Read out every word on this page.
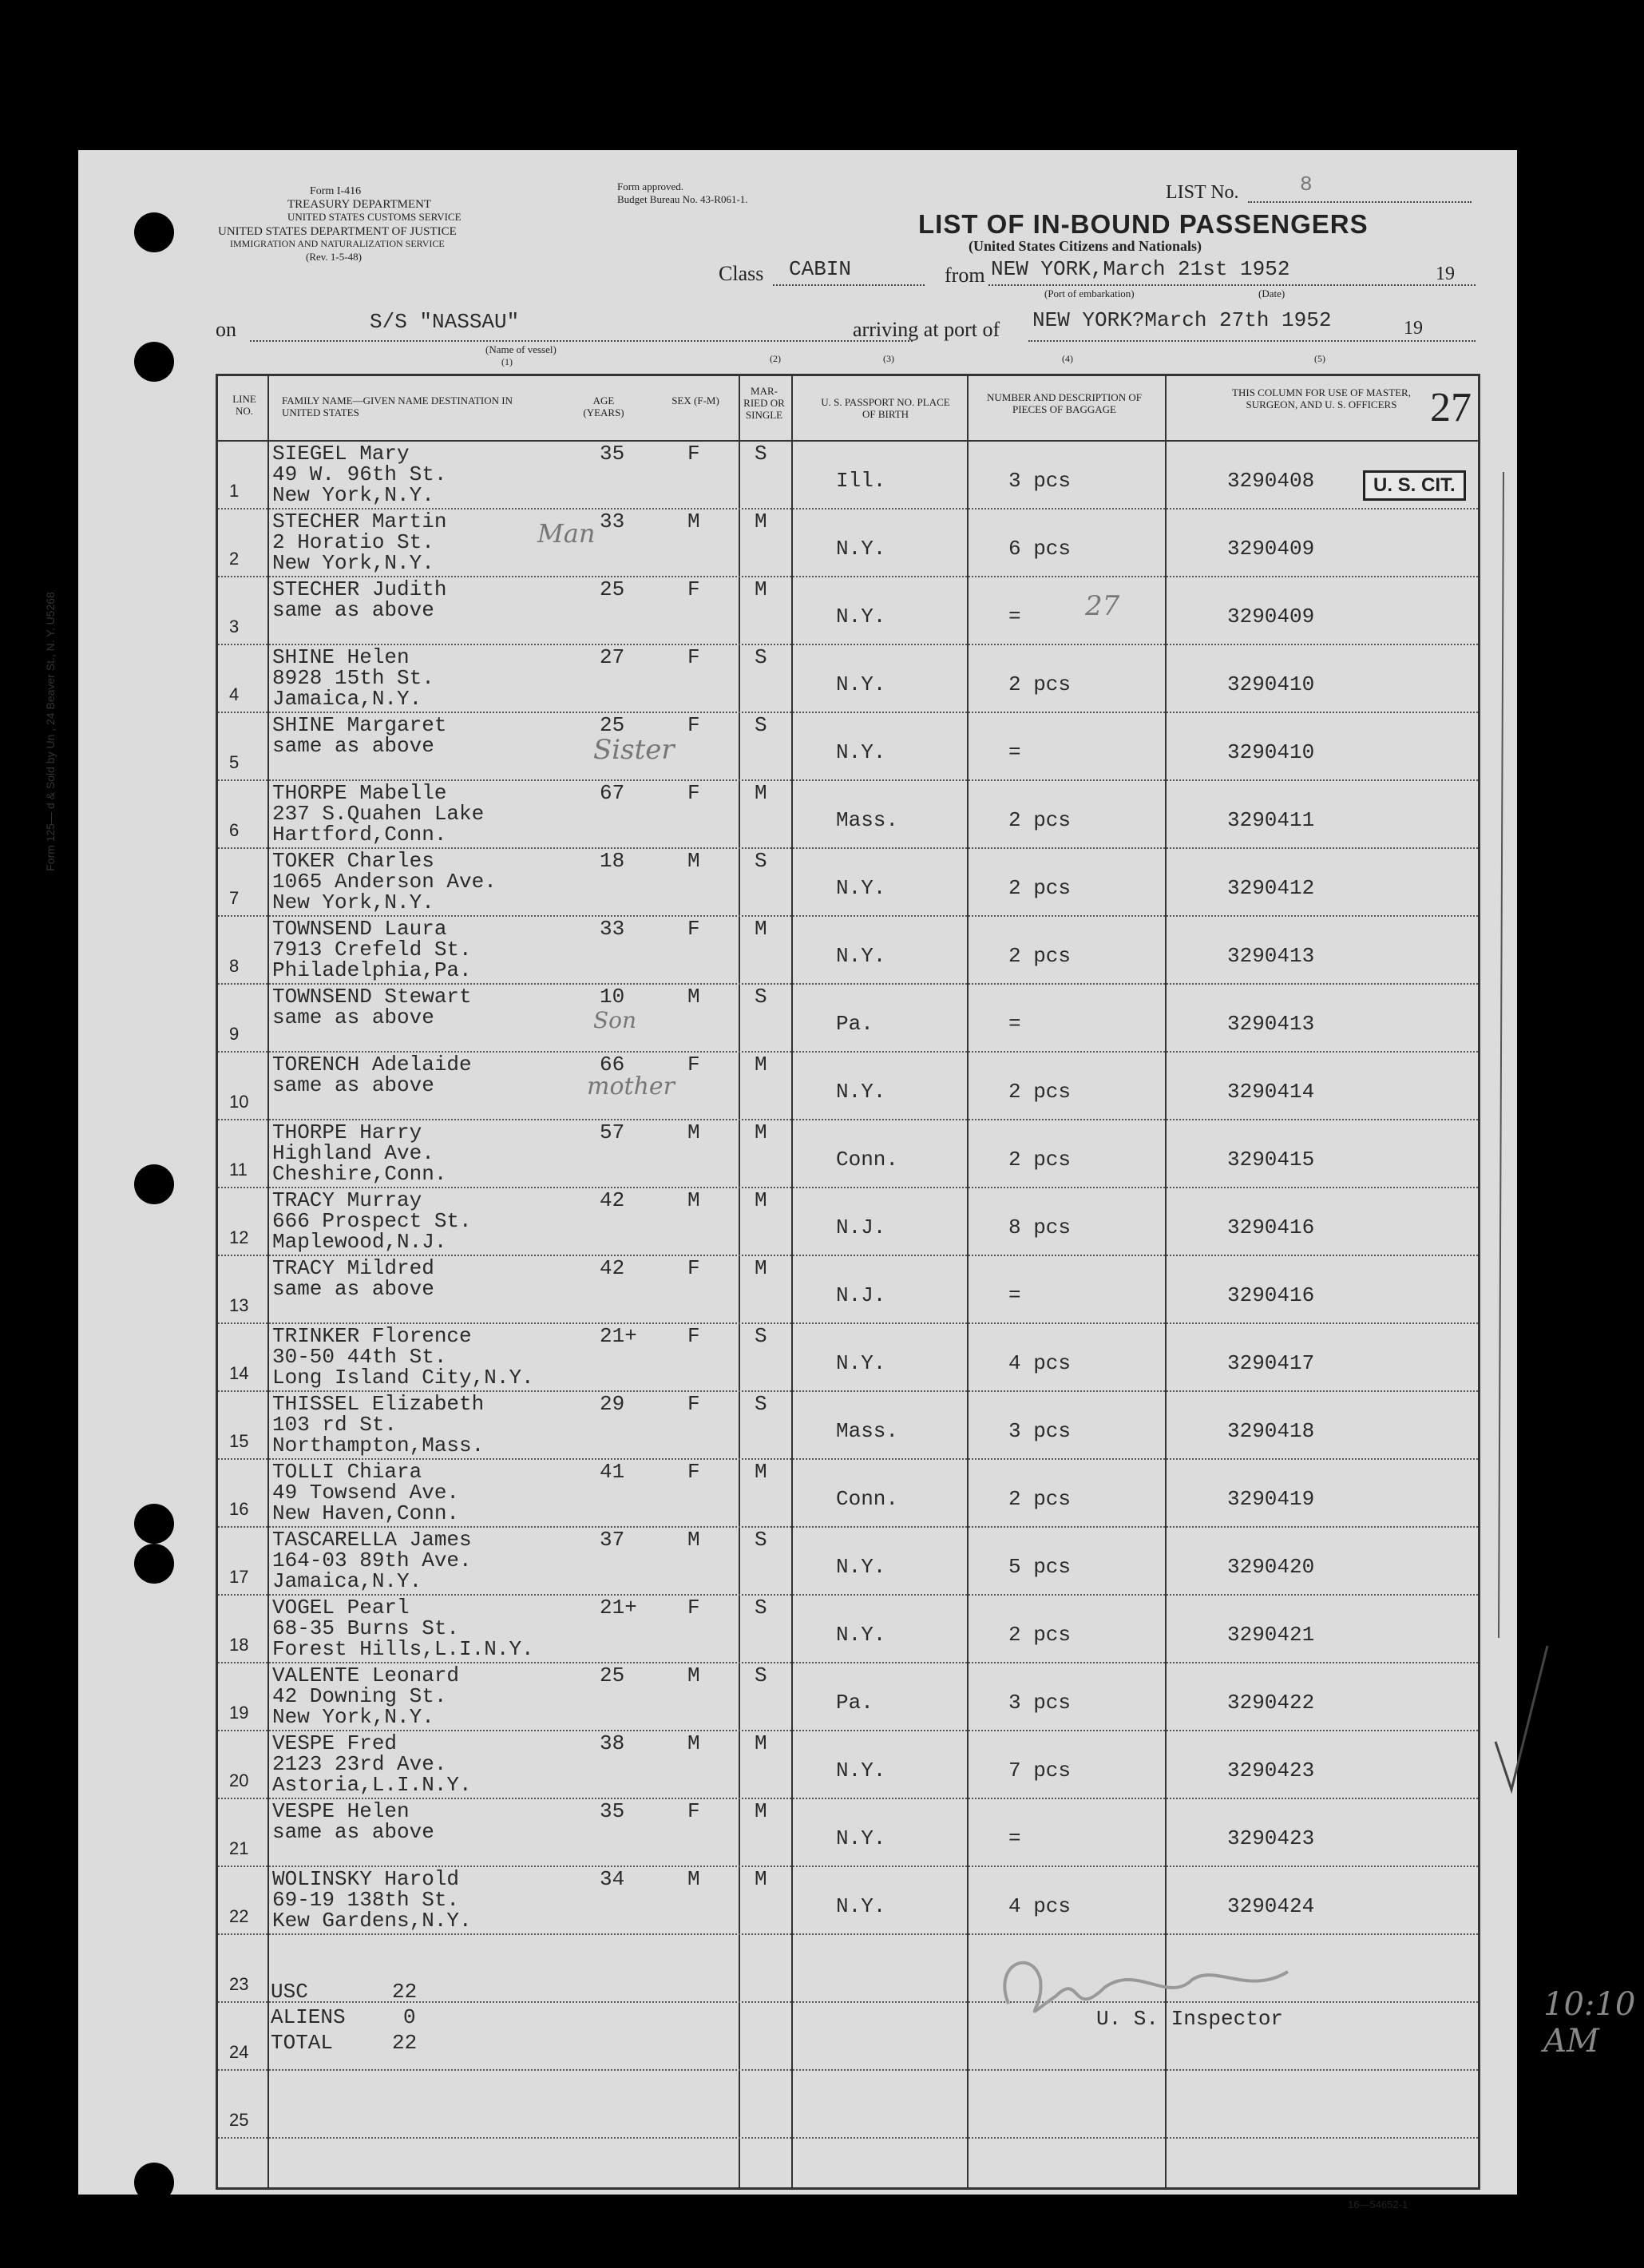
Form 125— d & Sold by Un , 24 Beaver St., N. Y. U5268
Form I-416
TREASURY DEPARTMENT
UNITED STATES CUSTOMS SERVICE
UNITED STATES DEPARTMENT OF JUSTICE
IMMIGRATION AND NATURALIZATION SERVICE
(Rev. 1-5-48)
Form approved.
Budget Bureau No. 43-R061-1.	LIST No.	8
LIST OF IN-BOUND PASSENGERS
(United States Citizens and Nationals)
Class CABIN	from NEW YORK,March 21st 1952	19
(Port of embarkation)	(Date)
on	S/S "NASSAU"
(Name of vessel)
arriving at port of NEW YORK?March 27th 1952	19
(1)	(2)	(3)	(4)	(5)
LINE NO.
FAMILY NAME—GIVEN NAME DESTINATION IN UNITED STATES
AGE (YEARS)
SEX (F-M)
MAR-RIED OR SINGLE
U. S. PASSPORT NO. PLACE OF BIRTH
NUMBER AND DESCRIPTION OF PIECES OF BAGGAGE
THIS COLUMN FOR USE OF MASTER, SURGEON, AND U. S. OFFICERS 27
1
SIEGEL Mary
49 W. 96th St.
New York,N.Y.
35	F	S
Ill.	3 pcs	3290408
2
STECHER Martin
2 Horatio St.
New York,N.Y.
33	M	M
N.Y.	6 pcs	3290409
3
STECHER Judith
same as above
25	F	M
N.Y.	=	3290409
4
SHINE Helen
8928 15th St.
Jamaica,N.Y.
27	F	S
N.Y.	2 pcs	3290410
5
SHINE Margaret
same as above
25	F	S
N.Y.	=	3290410
6
THORPE Mabelle
237 S.Quahen Lake
Hartford,Conn.
67	F	M
Mass.	2 pcs	3290411
7
TOKER Charles
1065 Anderson Ave.
New York,N.Y.
18	M	S
N.Y.	2 pcs	3290412
8
TOWNSEND Laura
7913 Crefeld St.
Philadelphia,Pa.
33	F	M
N.Y.	2 pcs	3290413
9
TOWNSEND Stewart
same as above
10	M	S
Pa.	=	3290413
10
TORENCH Adelaide
same as above
66	F	M
N.Y.	2 pcs	3290414
11
THORPE Harry
Highland Ave.
Cheshire,Conn.
57	M	M
Conn.	2 pcs	3290415
12
TRACY Murray
666 Prospect St.
Maplewood,N.J.
42	M	M
N.J.	8 pcs	3290416
13
TRACY Mildred
same as above
42	F	M
N.J.	=	3290416
14
TRINKER Florence
30-50 44th St.
Long Island City,N.Y.
21+ F	S
N.Y.	4 pcs	3290417
15
THISSEL Elizabeth
103 rd St.
Northampton,Mass.
29	F	S
Mass.	3 pcs	3290418
16
TOLLI Chiara
49 Towsend Ave.
New Haven,Conn.
41	F	M
Conn.	2 pcs	3290419
17
TASCARELLA James
164-03 89th Ave.
Jamaica,N.Y.
37	M	S
N.Y.	5 pcs	3290420
18
VOGEL Pearl
68-35 Burns St.
Forest Hills,L.I.N.Y.
21+ F	S
N.Y.	2 pcs	3290421
19
VALENTE Leonard
42 Downing St.
New York,N.Y.
25	M	S
Pa.	3 pcs	3290422
20
VESPE Fred
2123 23rd Ave.
Astoria,L.I.N.Y.
38	M	M
N.Y.	7 pcs	3290423
21
VESPE Helen
same as above
35	F	M
N.Y.	=	3290423
22
WOLINSKY Harold
69-19 138th St.
Kew Gardens,N.Y.
34	M	M
N.Y.	4 pcs	3290424
23
24
25
U. S. CIT.
USC	22
ALIENS	0
TOTAL	22
U. S. Inspector	10:10 AM
Man
27
Sister
Son
mother
16—54652-1
